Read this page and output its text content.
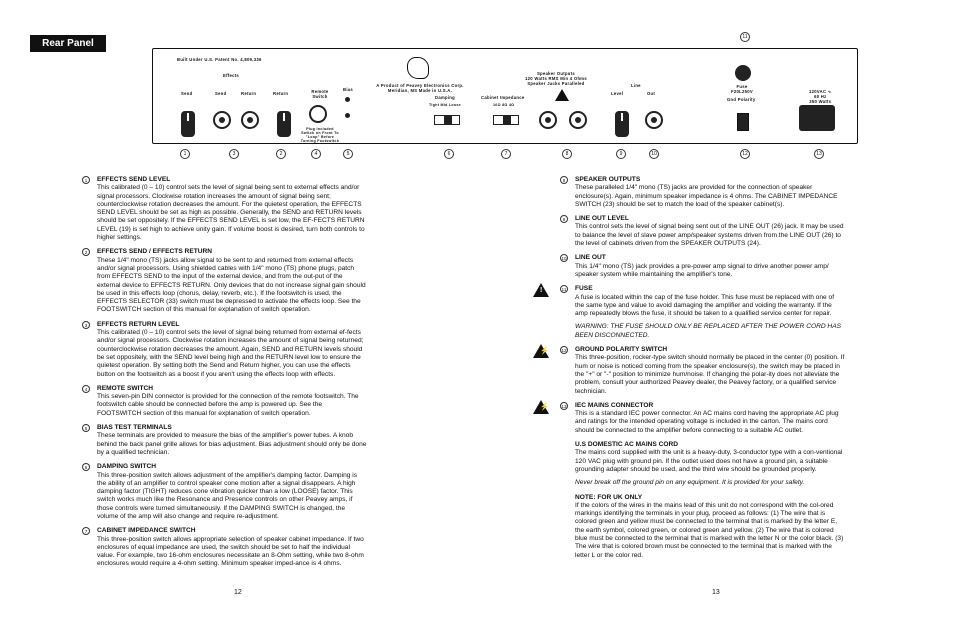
Rear Panel
Built Under U.S. Patent No. 4,809,336
Effects
Send	Send	Return	Return	Remote Switch
Plug Included Switch on Front To "Loop" Before Turning Footswitch
Bias
A Product of Peavey Electronics Corp. Meridian, MS Made in U.S.A.
Damping
Tight Mid Loose
Cabinet Impedance
16Ω 8Ω 4Ω
Speaker Outputs
120 Watts RMS Min 4 Ohms
Speaker Jacks Paralleled	Line
Level	Out
Fuse
F20L250V
Gnd Polarity
120VAC ∿
60 Hz
350 Watts
1	3	2	4	5	6	7	8	9	10	12	13
11
1	EFFECTS SEND LEVEL

This calibrated (0 – 10) control sets the level of signal being sent to external effects and/or signal processors. Clockwise rotation increases the amount of signal being sent; counterclockwise rotation decreases the amount. For the quietest operation, the EFFECTS SEND LEVEL should be set as high as possible. Generally, the SEND and RETURN levels should be set oppositely. If the EFFECTS SEND LEVEL is set low, the EF-FECTS RETURN LEVEL (19) is set high to achieve unity gain. If volume boost is desired, turn both controls to higher settings.

2	EFFECTS SEND / EFFECTS RETURN

These 1/4" mono (TS) jacks allow signal to be sent to and returned from external effects and/or signal processors. Using shielded cables with 1/4" mono (TS) phone plugs, patch from EFFECTS SEND to the input of the external device, and from the out-put of the external device to EFFECTS RETURN. Only devices that do not increase signal gain should be used in this effects loop (chorus, delay, reverb, etc.). If the footswitch is used, the EFFECTS SELECTOR (33) switch must be depressed to activate the effects loop. See the FOOTSWITCH section of this manual for explanation of switch operation.

3	EFFECTS RETURN LEVEL

This calibrated (0 – 10) control sets the level of signal being returned from external ef-fects and/or signal processors. Clockwise rotation increases the amount of signal being returned; counterclockwise rotation decreases the amount. Again, SEND and RETURN levels should be set oppositely, with the SEND level being high and the RETURN level low to ensure the quietest operation. By setting both the Send and Return higher, you can use the effects button on the footswitch as a boost if you aren't using the effects loop with effects.

4	REMOTE SWITCH

This seven-pin DIN connector is provided for the connection of the remote footswitch. The footswitch cable should be connected before the amp is powered up. See the FOOTSWITCH section of this manual for explanation of switch operation.

5	BIAS TEST TERMINALS

These terminals are provided to measure the bias of the amplifier's power tubes. A knob behind the back panel grille allows for bias adjustment. Bias adjustment should only be done by a qualified technician.

6	DAMPING SWITCH

This three-position switch allows adjustment of the amplifier's damping factor. Damping is the ability of an amplifier to control speaker cone motion after a signal disappears. A high damping factor (TIGHT) reduces cone vibration quicker than a low (LOOSE) factor. This switch works much like the Resonance and Presence controls on other Peavey amps, if those controls were turned simultaneously. If the DAMPING SWITCH is changed, the volume of the amp will also change and require re-adjustment.

7	CABINET IMPEDANCE SWITCH

This three-position switch allows appropriate selection of speaker cabinet impedance. If two enclosures of equal impedance are used, the switch should be set to half the individual value. For example, two 16-ohm enclosures necessitate an 8-Ohm setting, while two 8-ohm enclosures would require a 4-ohm setting. Minimum speaker imped-ance is 4 ohms.

8	SPEAKER OUTPUTS

These paralleled 1/4" mono (TS) jacks are provided for the connection of speaker enclosure(s). Again, minimum speaker impedance is 4 ohms. The CABINET IMPEDANCE SWITCH (23) should be set to match the load of the speaker cabinet(s).

9	LINE OUT LEVEL

This control sets the level of signal being sent out of the LINE OUT (26) jack. It may be used to balance the level of slave power amp/speaker systems driven from the LINE OUT (26) to the level of cabinets driven from the SPEAKER OUTPUTS (24).

10 LINE OUT

This 1/4" mono (TS) jack provides a pre-power amp signal to drive another power amp/ speaker system while maintaining the amplifier's tone.

11
!	FUSE

A fuse is located within the cap of the fuse holder. This fuse must be replaced with one of the same type and value to avoid damaging the amplifier and voiding the warranty. If the amp repeatedly blows the fuse, it should be taken to a qualified service center for repair.

WARNING: THE FUSE SHOULD ONLY BE REPLACED AFTER THE POWER CORD HAS BEEN DISCONNECTED.

12
⚡	GROUND POLARITY SWITCH

This three-position, rocker-type switch should normally be placed in the center (0) position. If hum or noise is noticed coming from the speaker enclosure(s), the switch may be placed in the "+" or "-" position to minimize hum/noise. If changing the polar-ity does not alleviate the problem, consult your authorized Peavey dealer, the Peavey factory, or a qualified service technician.

13
⚡	IEC MAINS CONNECTOR

This is a standard IEC power connector. An AC mains cord having the appropriate AC plug and ratings for the intended operating voltage is included in the carton. The mains cord should be connected to the amplifier before connecting to a suitable AC outlet.

U.S DOMESTIC AC MAINS CORD

The mains cord supplied with the unit is a heavy-duty, 3-conductor type with a con-ventional 120 VAC plug with ground pin. If the outlet used does not have a ground pin, a suitable grounding adapter should be used, and the third wire should be grounded properly.

Never break off the ground pin on any equipment. It is provided for your safety.

NOTE: FOR UK ONLY

If the colors of the wires in the mains lead of this unit do not correspond with the col-ored markings identifying the terminals in your plug, proceed as follows: (1) The wire that is colored green and yellow must be connected to the terminal that is marked by the letter E, the earth symbol, colored green, or colored green and yellow. (2) The wire that is colored blue must be connected to the terminal that is marked with the letter N or the color black. (3) The wire that is colored brown must be connected to the terminal that is marked with the letter L or the color red.

12	13
